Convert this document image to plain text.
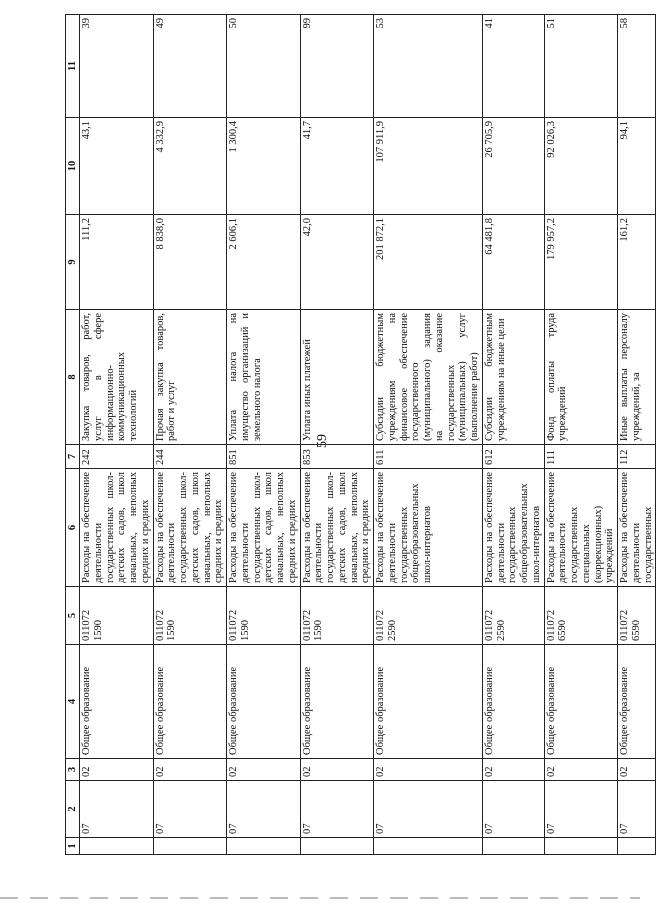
59
1	2	3	4	5	6	7	8	9	10	11
	07	02	Общее образование	011072 1590	Расходы на обеспечение деятельности государственных школ-детских садов, школ начальных, неполных средних и средних	242	Закупка товаров, работ, услуг в сфере информационно-коммуникационных технологий	111,2	43,1	39
	07	02	Общее образование	011072 1590	Расходы на обеспечение деятельности государственных школ-детских садов, школ начальных, неполных средних и средних	244	Прочая закупка товаров, работ и услуг	8 838,0	4 332,9	49
	07	02	Общее образование	011072 1590	Расходы на обеспечение деятельности государственных школ-детских садов, школ начальных, неполных средних и средних	851	Уплата налога на имущество организаций и земельного налога	2 606,1	1 300,4	50
	07	02	Общее образование	011072 1590	Расходы на обеспечение деятельности государственных школ-детских садов, школ начальных, неполных средних и средних	853	Уплата иных платежей	42,0	41,7	99
	07	02	Общее образование	011072 2590	Расходы на обеспечение деятельности государственных общеобразовательных школ-интернатов	611	Субсидии бюджетным учреждениям на финансовое обеспечение государственного (муниципального) задания на оказание государственных (муниципальных) услуг (выполнение работ)	201 872,1	107 911,9	53
	07	02	Общее образование	011072 2590	Расходы на обеспечение деятельности государственных общеобразовательных школ-интернатов	612	Субсидии бюджетным учреждениям на иные цели	64 481,8	26 705,9	41
	07	02	Общее образование	011072 6590	Расходы на обеспечение деятельности государственных специальных (коррекционных) учреждений	111	Фонд оплаты труда учреждений	179 957,2	92 026,3	51
	07	02	Общее образование	011072 6590	Расходы на обеспечение деятельности государственных	112	Иные выплаты персоналу учреждений, за	161,2	94,1	58
